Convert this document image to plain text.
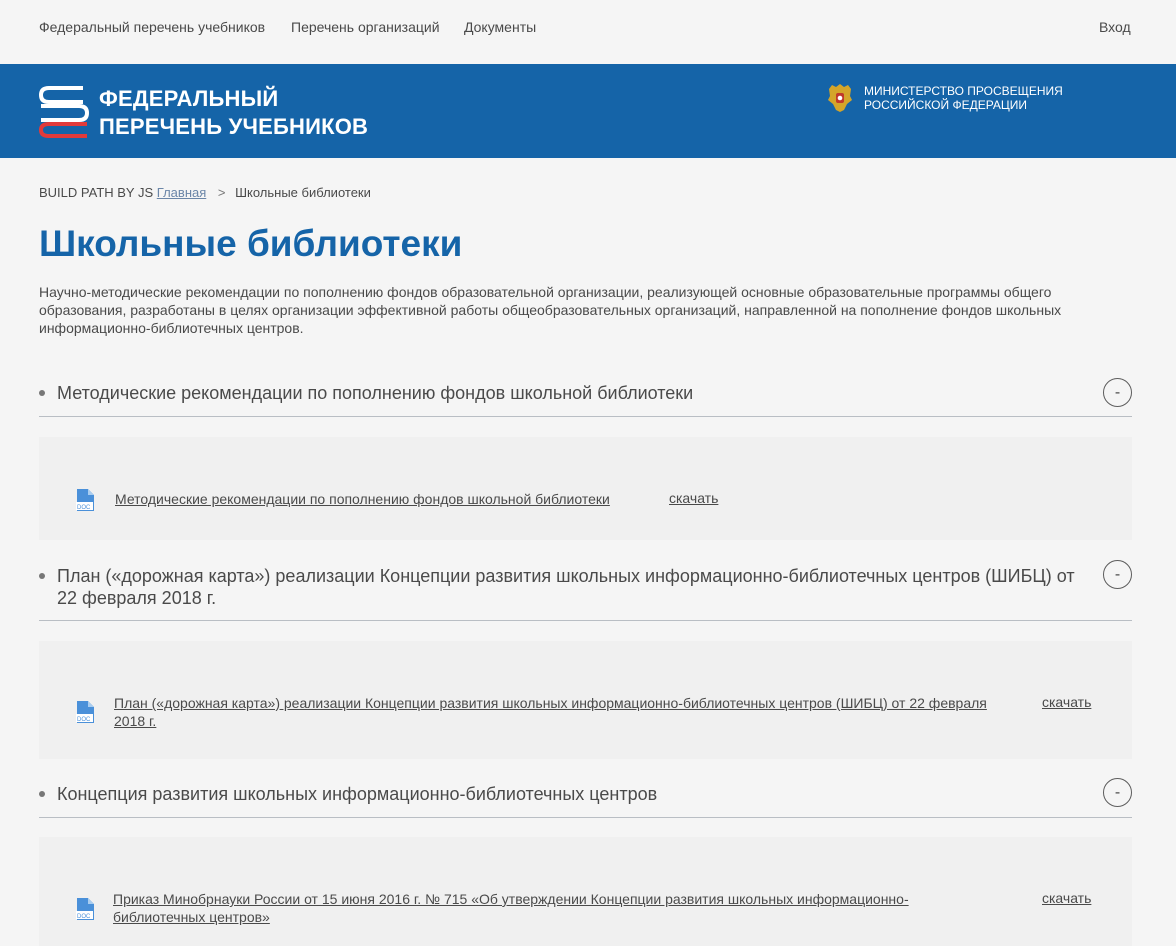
Федеральный перечень учебников Перечень организаций Документы	Вход
ФЕДЕРАЛЬНЫЙ
ПЕРЕЧЕНЬ УЧЕБНИКОВ
МИНИСТЕРСТВО ПРОСВЕЩЕНИЯ
РОССИЙСКОЙ ФЕДЕРАЦИИ
BUILD PATH BY JS Главная > Школьные библиотеки
Школьные библиотеки

Научно-методические рекомендации по пополнению фондов образовательной организации, реализующей основные образовательные программы общего образования, разработаны в целях организации эффективной работы общеобразовательных организаций, направленной на пополнение фондов школьных информационно-библиотечных центров.

Методические рекомендации по пополнению фондов школьной библиотеки	-
DOC
Методические рекомендации по пополнению фондов школьной библиотеки	скачать
План («дорожная карта») реализации Концепции развития школьных информационно-библиотечных центров (ШИБЦ) от 22 февраля 2018 г.
-
DOC
План («дорожная карта») реализации Концепции развития школьных информационно-библиотечных центров (ШИБЦ) от 22 февраля 2018 г.
скачать
Концепция развития школьных информационно-библиотечных центров	-
DOC
Приказ Минобрнауки России от 15 июня 2016 г. № 715 «Об утверждении Концепции развития школьных информационно-библиотечных центров»
скачать
